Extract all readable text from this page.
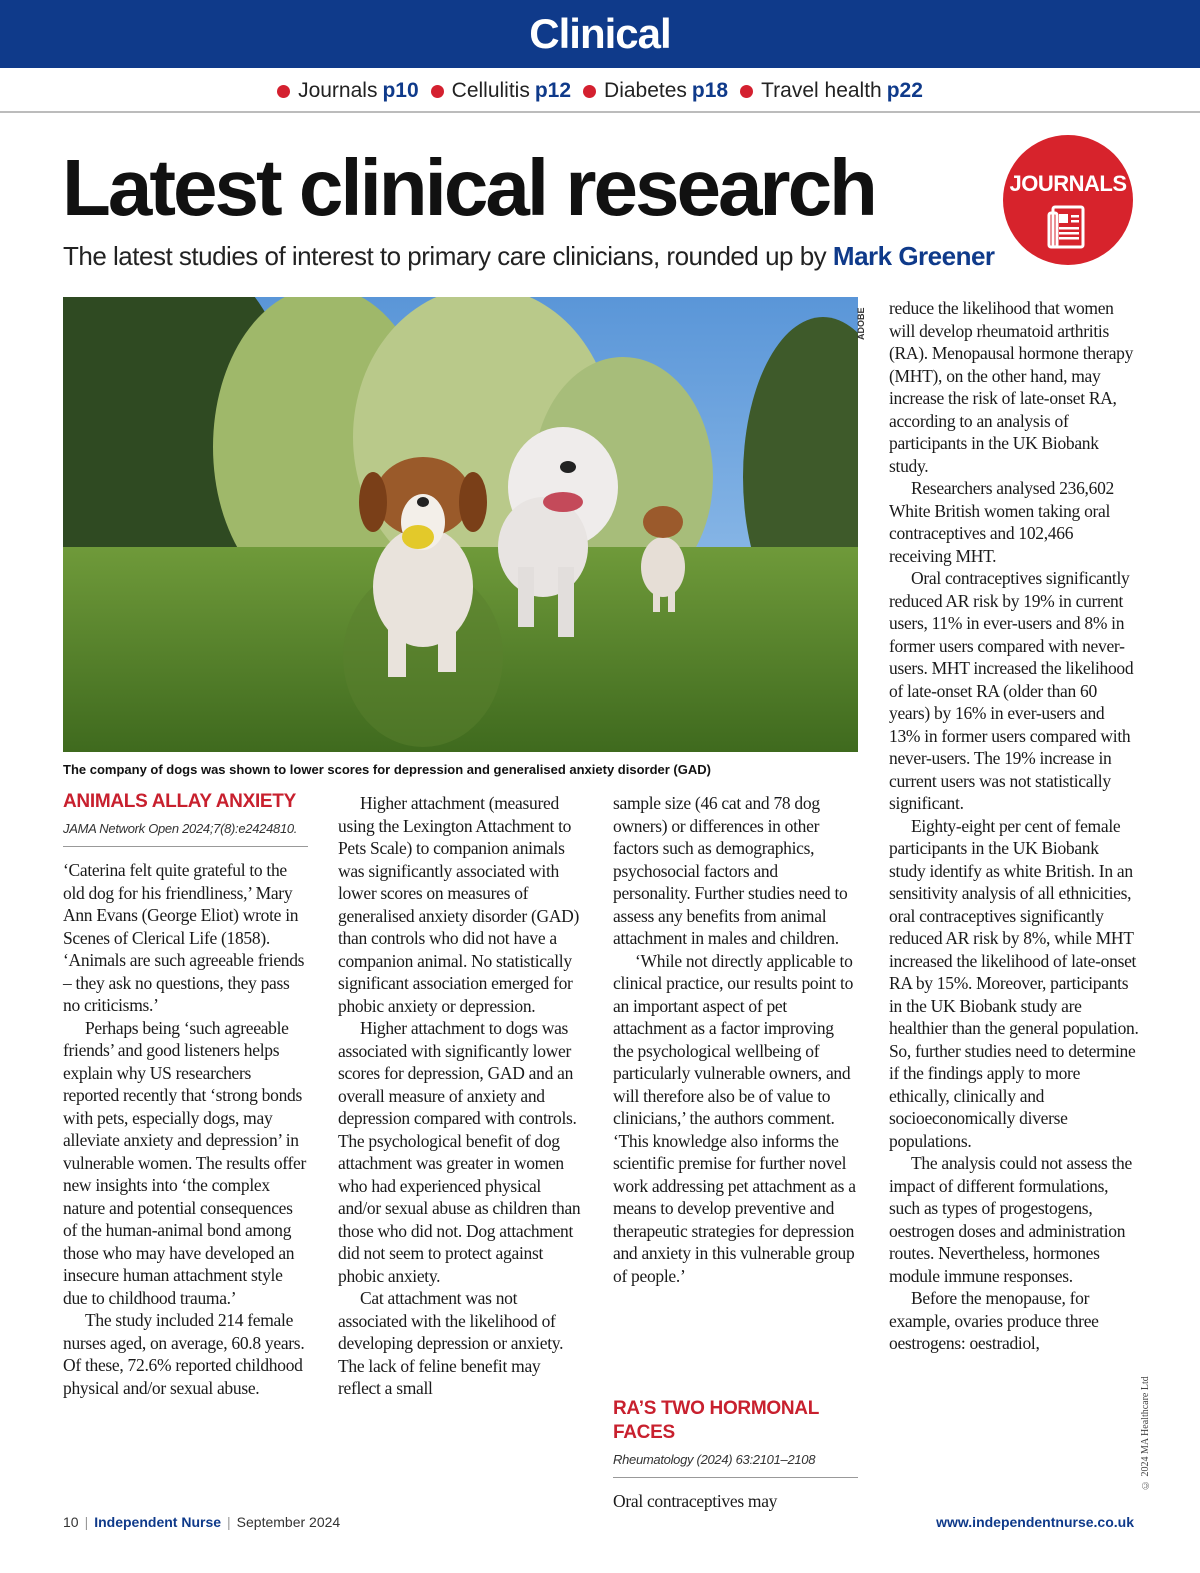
Clinical
Journals p10 Cellulitis p12 Diabetes p18 Travel health p22
Latest clinical research
The latest studies of interest to primary care clinicians, rounded up by Mark Greener
JOURNALS
ADOBE
The company of dogs was shown to lower scores for depression and generalised anxiety disorder (GAD)
ANIMALS ALLAY ANXIETY
JAMA Network Open 2024;7(8):e2424810.

‘Caterina felt quite grateful to the old dog for his friendliness,’ Mary Ann Evans (George Eliot) wrote in Scenes of Clerical Life (1858). ‘Animals are such agreeable friends – they ask no questions, they pass no criticisms.’

Perhaps being ‘such agreeable friends’ and good listeners helps explain why US researchers reported recently that ‘strong bonds with pets, especially dogs, may alleviate anxiety and depression’ in vulnerable women. The results offer new insights into ‘the complex nature and potential consequences of the human-animal bond among those who may have developed an insecure human attachment style due to childhood trauma.’

The study included 214 female nurses aged, on average, 60.8 years. Of these, 72.6% reported childhood physical and/or sexual abuse.

Higher attachment (measured using the Lexington Attachment to Pets Scale) to companion animals was significantly associated with lower scores on measures of generalised anxiety disorder (GAD) than controls who did not have a companion animal. No statistically significant association emerged for phobic anxiety or depression.

Higher attachment to dogs was associated with significantly lower scores for depression, GAD and an overall measure of anxiety and depression compared with controls. The psychological benefit of dog attachment was greater in women who had experienced physical and/or sexual abuse as children than those who did not. Dog attachment did not seem to protect against phobic anxiety.

Cat attachment was not associated with the likelihood of developing depression or anxiety. The lack of feline benefit may reflect a small

sample size (46 cat and 78 dog owners) or differences in other factors such as demographics, psychosocial factors and personality. Further studies need to assess any benefits from animal attachment in males and children.

‘While not directly applicable to clinical practice, our results point to an important aspect of pet attachment as a factor improving the psychological wellbeing of particularly vulnerable owners, and will therefore also be of value to clinicians,’ the authors comment. ‘This knowledge also informs the scientific premise for further novel work addressing pet attachment as a means to develop preventive and therapeutic strategies for depression and anxiety in this vulnerable group of people.’

RA’S TWO HORMONAL FACES
Rheumatology (2024) 63:2101–2108

Oral contraceptives may

reduce the likelihood that women will develop rheumatoid arthritis (RA). Menopausal hormone therapy (MHT), on the other hand, may increase the risk of late-onset RA, according to an analysis of participants in the UK Biobank study.

Researchers analysed 236,602 White British women taking oral contraceptives and 102,466 receiving MHT.

Oral contraceptives significantly reduced AR risk by 19% in current users, 11% in ever-users and 8% in former users compared with never-users. MHT increased the likelihood of late-onset RA (older than 60 years) by 16% in ever-users and 13% in former users compared with never-users. The 19% increase in current users was not statistically significant.

Eighty-eight per cent of female participants in the UK Biobank study identify as white British. In an sensitivity analysis of all ethnicities, oral contraceptives significantly reduced AR risk by 8%, while MHT increased the likelihood of late-onset RA by 15%. Moreover, participants in the UK Biobank study are healthier than the general population. So, further studies need to determine if the findings apply to more ethically, clinically and socioeconomically diverse populations.

The analysis could not assess the impact of different formulations, such as types of progestogens, oestrogen doses and administration routes. Nevertheless, hormones module immune responses.

Before the menopause, for example, ovaries produce three oestrogens: oestradiol,

© 2024 MA Healthcare Ltd
10 | Independent Nurse | September 2024	www.independentnurse.co.uk
